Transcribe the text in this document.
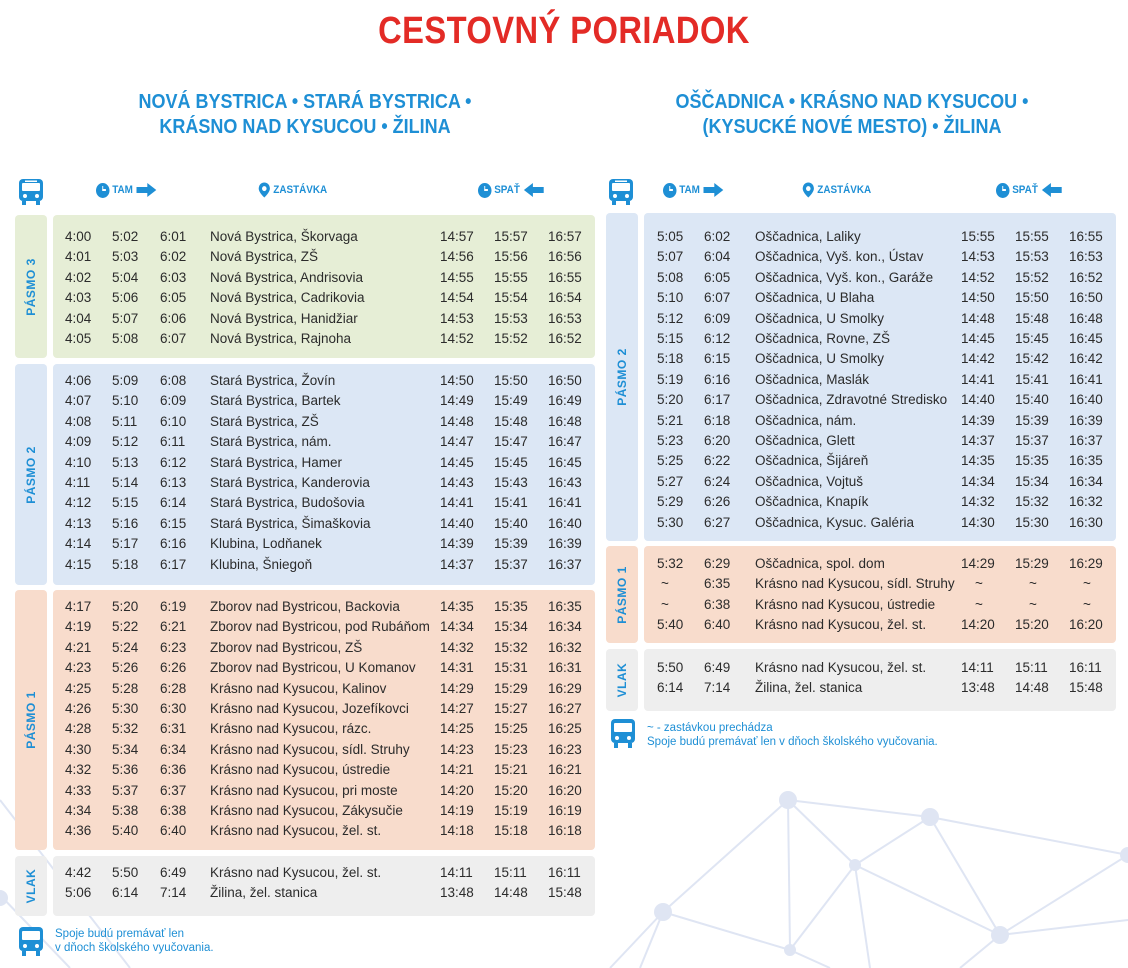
CESTOVNÝ PORIADOK
NOVÁ BYSTRICA • STARÁ BYSTRICA •
KRÁSNO NAD KYSUCOU • ŽILINA
OŠČADNICA • KRÁSNO NAD KYSUCOU •
(KYSUCKÉ NOVÉ MESTO) • ŽILINA
TAM	ZASTÁVKA	SPAŤ	TAM	ZASTÁVKA	SPAŤ
PÁSMO 3
4:00 5:02 6:01 Nová Bystrica, Škorvaga	14:57 15:57 16:57
4:01 5:03 6:02 Nová Bystrica, ZŠ	14:56 15:56 16:56
4:02 5:04 6:03 Nová Bystrica, Andrisovia	14:55 15:55 16:55
4:03 5:06 6:05 Nová Bystrica, Cadrikovia	14:54 15:54 16:54
4:04 5:07 6:06 Nová Bystrica, Hanidžiar	14:53 15:53 16:53
4:05 5:08 6:07 Nová Bystrica, Rajnoha	14:52 15:52 16:52
PÁSMO 2
4:06 5:09 6:08 Stará Bystrica, Žovín	14:50 15:50 16:50
4:07 5:10 6:09 Stará Bystrica, Bartek	14:49 15:49 16:49
4:08 5:11 6:10 Stará Bystrica, ZŠ	14:48 15:48 16:48
4:09 5:12 6:11 Stará Bystrica, nám.	14:47 15:47 16:47
4:10 5:13 6:12 Stará Bystrica, Hamer	14:45 15:45 16:45
4:11 5:14 6:13 Stará Bystrica, Kanderovia	14:43 15:43 16:43
4:12 5:15 6:14 Stará Bystrica, Budošovia	14:41 15:41 16:41
4:13 5:16 6:15 Stará Bystrica, Šimaškovia	14:40 15:40 16:40
4:14 5:17 6:16 Klubina, Lodňanek	14:39 15:39 16:39
4:15 5:18 6:17 Klubina, Šniegoň	14:37 15:37 16:37
PÁSMO 1
4:17 5:20 6:19 Zborov nad Bystricou, Backovia	14:35 15:35 16:35
4:19 5:22 6:21 Zborov nad Bystricou, pod Rubáňom 14:34 15:34 16:34
4:21 5:24 6:23 Zborov nad Bystricou, ZŠ	14:32 15:32 16:32
4:23 5:26 6:26 Zborov nad Bystricou, U Komanov 14:31 15:31 16:31
4:25 5:28 6:28 Krásno nad Kysucou, Kalinov	14:29 15:29 16:29
4:26 5:30 6:30 Krásno nad Kysucou, Jozefíkovci 14:27 15:27 16:27
4:28 5:32 6:31 Krásno nad Kysucou, rázc.	14:25 15:25 16:25
4:30 5:34 6:34 Krásno nad Kysucou, sídl. Struhy 14:23 15:23 16:23
4:32 5:36 6:36 Krásno nad Kysucou, ústredie	14:21 15:21 16:21
4:33 5:37 6:37 Krásno nad Kysucou, pri moste	14:20 15:20 16:20
4:34 5:38 6:38 Krásno nad Kysucou, Zákysučie	14:19 15:19 16:19
4:36 5:40 6:40 Krásno nad Kysucou, žel. st.	14:18 15:18 16:18
VLAK 4:42 5:50 6:49 Krásno nad Kysucou, žel. st.	14:11 15:11 16:11
5:06 6:14 7:14 Žilina, žel. stanica	13:48 14:48 15:48
PÁSMO 2
5:05 6:02 Oščadnica, Laliky	15:55 15:55 16:55
5:07 6:04 Oščadnica, Vyš. kon., Ústav	14:53 15:53 16:53
5:08 6:05 Oščadnica, Vyš. kon., Garáže 14:52 15:52 16:52
5:10 6:07 Oščadnica, U Blaha	14:50 15:50 16:50
5:12 6:09 Oščadnica, U Smolky	14:48 15:48 16:48
5:15 6:12 Oščadnica, Rovne, ZŠ	14:45 15:45 16:45
5:18 6:15 Oščadnica, U Smolky	14:42 15:42 16:42
5:19 6:16 Oščadnica, Maslák	14:41 15:41 16:41
5:20 6:17 Oščadnica, Zdravotné Stredisko 14:40 15:40 16:40
5:21 6:18 Oščadnica, nám.	14:39 15:39 16:39
5:23 6:20 Oščadnica, Glett	14:37 15:37 16:37
5:25 6:22 Oščadnica, Šijáreň	14:35 15:35 16:35
5:27 6:24 Oščadnica, Vojtuš	14:34 15:34 16:34
5:29 6:26 Oščadnica, Knapík	14:32 15:32 16:32
5:30 6:27 Oščadnica, Kysuc. Galéria	14:30 15:30 16:30
PÁSMO 1
5:32 6:29 Oščadnica, spol. dom	14:29 15:29 16:29
~	6:35 Krásno nad Kysucou, sídl. Struhy ~	~	~
~	6:38 Krásno nad Kysucou, ústredie	~	~	~
5:40 6:40 Krásno nad Kysucou, žel. st.	14:20 15:20 16:20
VLAK 5:50 6:49 Krásno nad Kysucou, žel. st.	14:11 15:11 16:11
6:14 7:14 Žilina, žel. stanica	13:48 14:48 15:48
Spoje budú premávať len
v dňoch školského vyučovania.
~ - zastávkou prechádza
Spoje budú premávať len v dňoch školského vyučovania.
